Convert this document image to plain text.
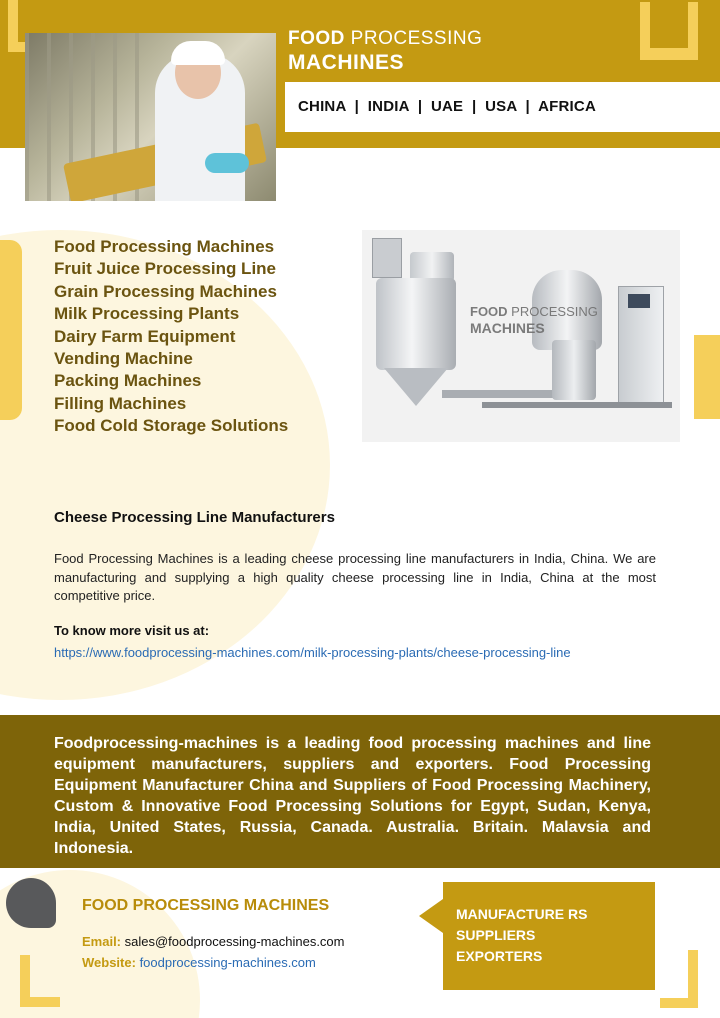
FOOD PROCESSING
MACHINES
CHINA  |  INDIA  |  UAE  |  USA  |  AFRICA
Food Processing Machines
Fruit Juice Processing Line
Grain Processing Machines
Milk Processing Plants
Dairy Farm Equipment
Vending Machine
Packing Machines
Filling Machines
Food Cold Storage Solutions
FOOD PROCESSING
MACHINES
Cheese Processing Line Manufacturers
Food Processing Machines is a leading cheese processing line manufacturers in India, China. We are manufacturing and supplying a high quality cheese processing line in India, China at the most competitive price.
To know more visit us at:
https://www.foodprocessing-machines.com/milk-processing-plants/cheese-processing-line
Foodprocessing-machines is a leading food processing machines and line equipment manufacturers, suppliers and exporters. Food Processing Equipment Manufacturer China and Suppliers of Food Processing Machinery, Custom & Innovative Food Processing Solutions for Egypt, Sudan, Kenya, India, United States, Russia, Canada. Australia. Britain. Malavsia and Indonesia.
FOOD PROCESSING MACHINES
Email: sales@foodprocessing-machines.com
Website: foodprocessing-machines.com
MANUFACTURE RS SUPPLIERS EXPORTERS
